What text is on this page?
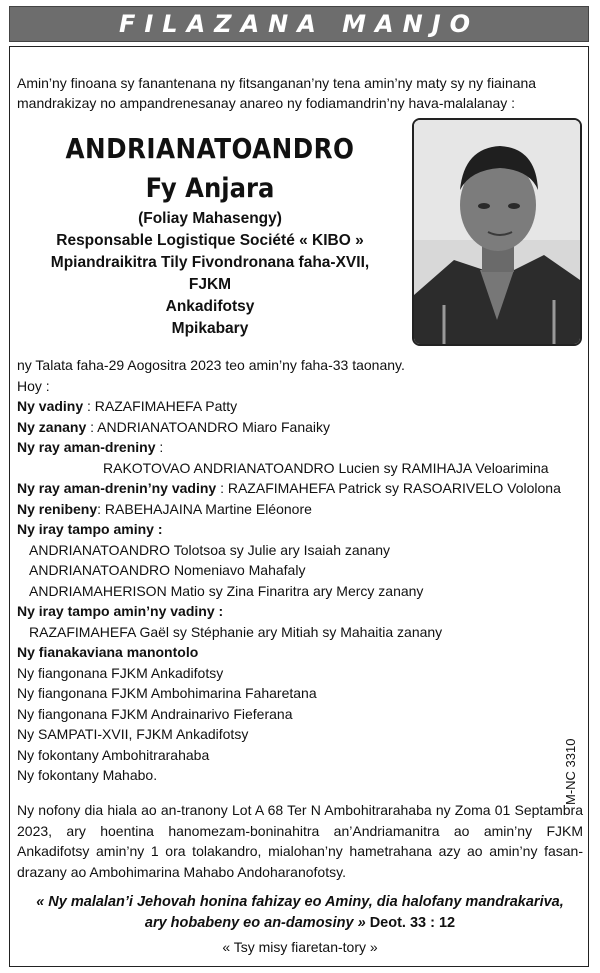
FILAZANA MANJO
Amin’ny finoana sy fanantenana ny fitsanganan’ny tena amin’ny maty sy ny fiainana mandrakizay no ampandrenesanay anareo ny fodiamandrin’ny hava-malalanay :
ANDRIANATOANDRO
Fy Anjara
(Foliay Mahasengy)
Responsable Logistique Société « KIBO »
Mpiandraikitra Tily Fivondronana faha-XVII, FJKM
Ankadifotsy
Mpikabary
ny Talata faha-29 Aogositra 2023 teo amin’ny faha-33 taonany.
Hoy :
Ny vadiny : RAZAFIMAHEFA Patty
Ny zanany : ANDRIANATOANDRO Miaro Fanaiky
Ny ray aman-dreniny :
RAKOTOVAO ANDRIANATOANDRO Lucien sy RAMIHAJA Veloarimina
Ny ray aman-drenin’ny vadiny : RAZAFIMAHEFA Patrick sy RASOARIVELO Vololona
Ny renibeny: RABEHAJAINA Martine Eléonore
Ny iray tampo aminy :
ANDRIANATOANDRO Tolotsoa sy Julie ary Isaiah zanany
ANDRIANATOANDRO Nomeniavo Mahafaly
ANDRIAMAHERISON Matio sy Zina Finaritra ary Mercy zanany
Ny iray tampo amin’ny vadiny :
RAZAFIMAHEFA Gaël sy Stéphanie ary Mitiah sy Mahaitia zanany
Ny fianakaviana manontolo
Ny fiangonana FJKM Ankadifotsy
Ny fiangonana FJKM Ambohimarina Faharetana
Ny fiangonana FJKM Andrainarivo Fieferana
Ny SAMPATI-XVII, FJKM Ankadifotsy
Ny fokontany Ambohitrarahaba
Ny fokontany Mahabo.	M-NC 3310
Ny nofony dia hiala ao an-tranony Lot A 68 Ter N Ambohitrarahaba ny Zoma 01 Septambra 2023, ary hoentina hanomezam-boninahitra an’Andriamanitra ao amin’ny FJKM Ankadifotsy amin’ny 1 ora tolakandro, mialohan’ny hametrahana azy ao amin’ny fasan-drazany ao Ambohimarina Mahabo Andoharanofotsy.
« Ny malalan’i Jehovah honina fahizay eo Aminy, dia halofany mandrakariva,
ary hobabeny eo an-damosiny » Deot. 33 : 12
« Tsy misy fiaretan-tory »
